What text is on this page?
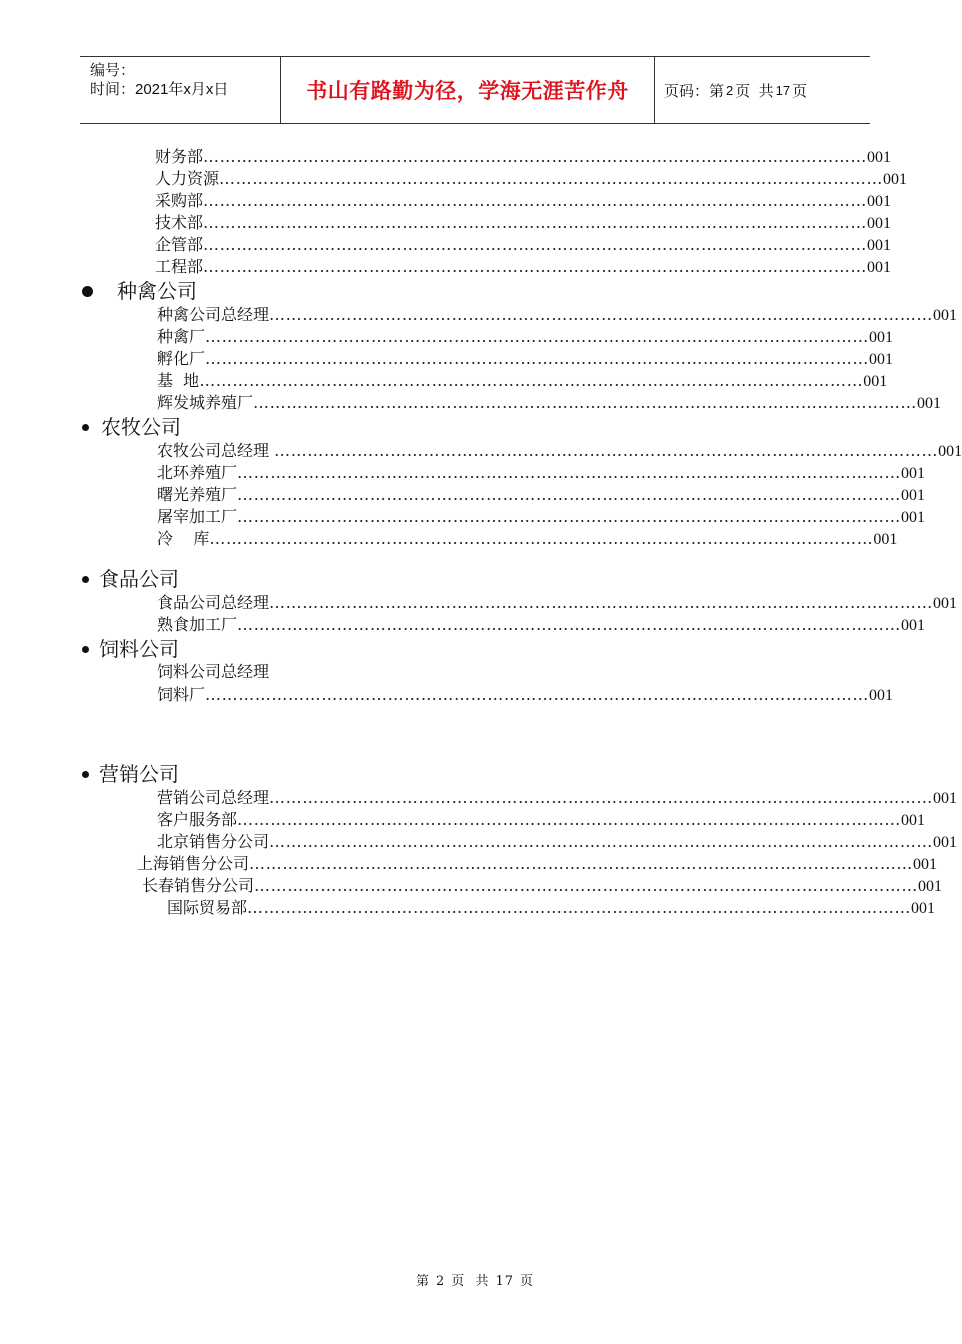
编号：
时间：2021年x月x日	书山有路勤为径，学海无涯苦作舟	页码：第 2 页  共 17 页
财务部 ………………………………………………………………………………………………………… 001
人力资源 ………………………………………………………………………………………………………… 001
采购部 ………………………………………………………………………………………………………… 001
技术部 ………………………………………………………………………………………………………… 001
企管部 ………………………………………………………………………………………………………… 001
工程部 ………………………………………………………………………………………………………… 001
种禽公司
种禽公司总经理 ………………………………………………………………………………………………………… 001
种禽厂 ………………………………………………………………………………………………………… 001
孵化厂 ………………………………………………………………………………………………………… 001
基  地 ………………………………………………………………………………………………………… 001
辉发城养殖厂 ………………………………………………………………………………………………………… 001
农牧公司
农牧公司总经理 ………………………………………………………………………………………………………… 001
北环养殖厂 ………………………………………………………………………………………………………… 001
曙光养殖厂 ………………………………………………………………………………………………………… 001
屠宰加工厂 ………………………………………………………………………………………………………… 001
冷    库 ………………………………………………………………………………………………………… 001
食品公司
食品公司总经理 ………………………………………………………………………………………………………… 001
熟食加工厂 ………………………………………………………………………………………………………… 001
饲料公司
饲料公司总经理
饲料厂 ………………………………………………………………………………………………………… 001
营销公司
营销公司总经理 ………………………………………………………………………………………………………… 001
客户服务部 ………………………………………………………………………………………………………… 001
北京销售分公司 ………………………………………………………………………………………………………… 001
上海销售分公司 ………………………………………………………………………………………………………… 001
长春销售分公司 ………………………………………………………………………………………………………… 001
国际贸易部 ………………………………………………………………………………………………………… 001
第 2 页  共 17 页
